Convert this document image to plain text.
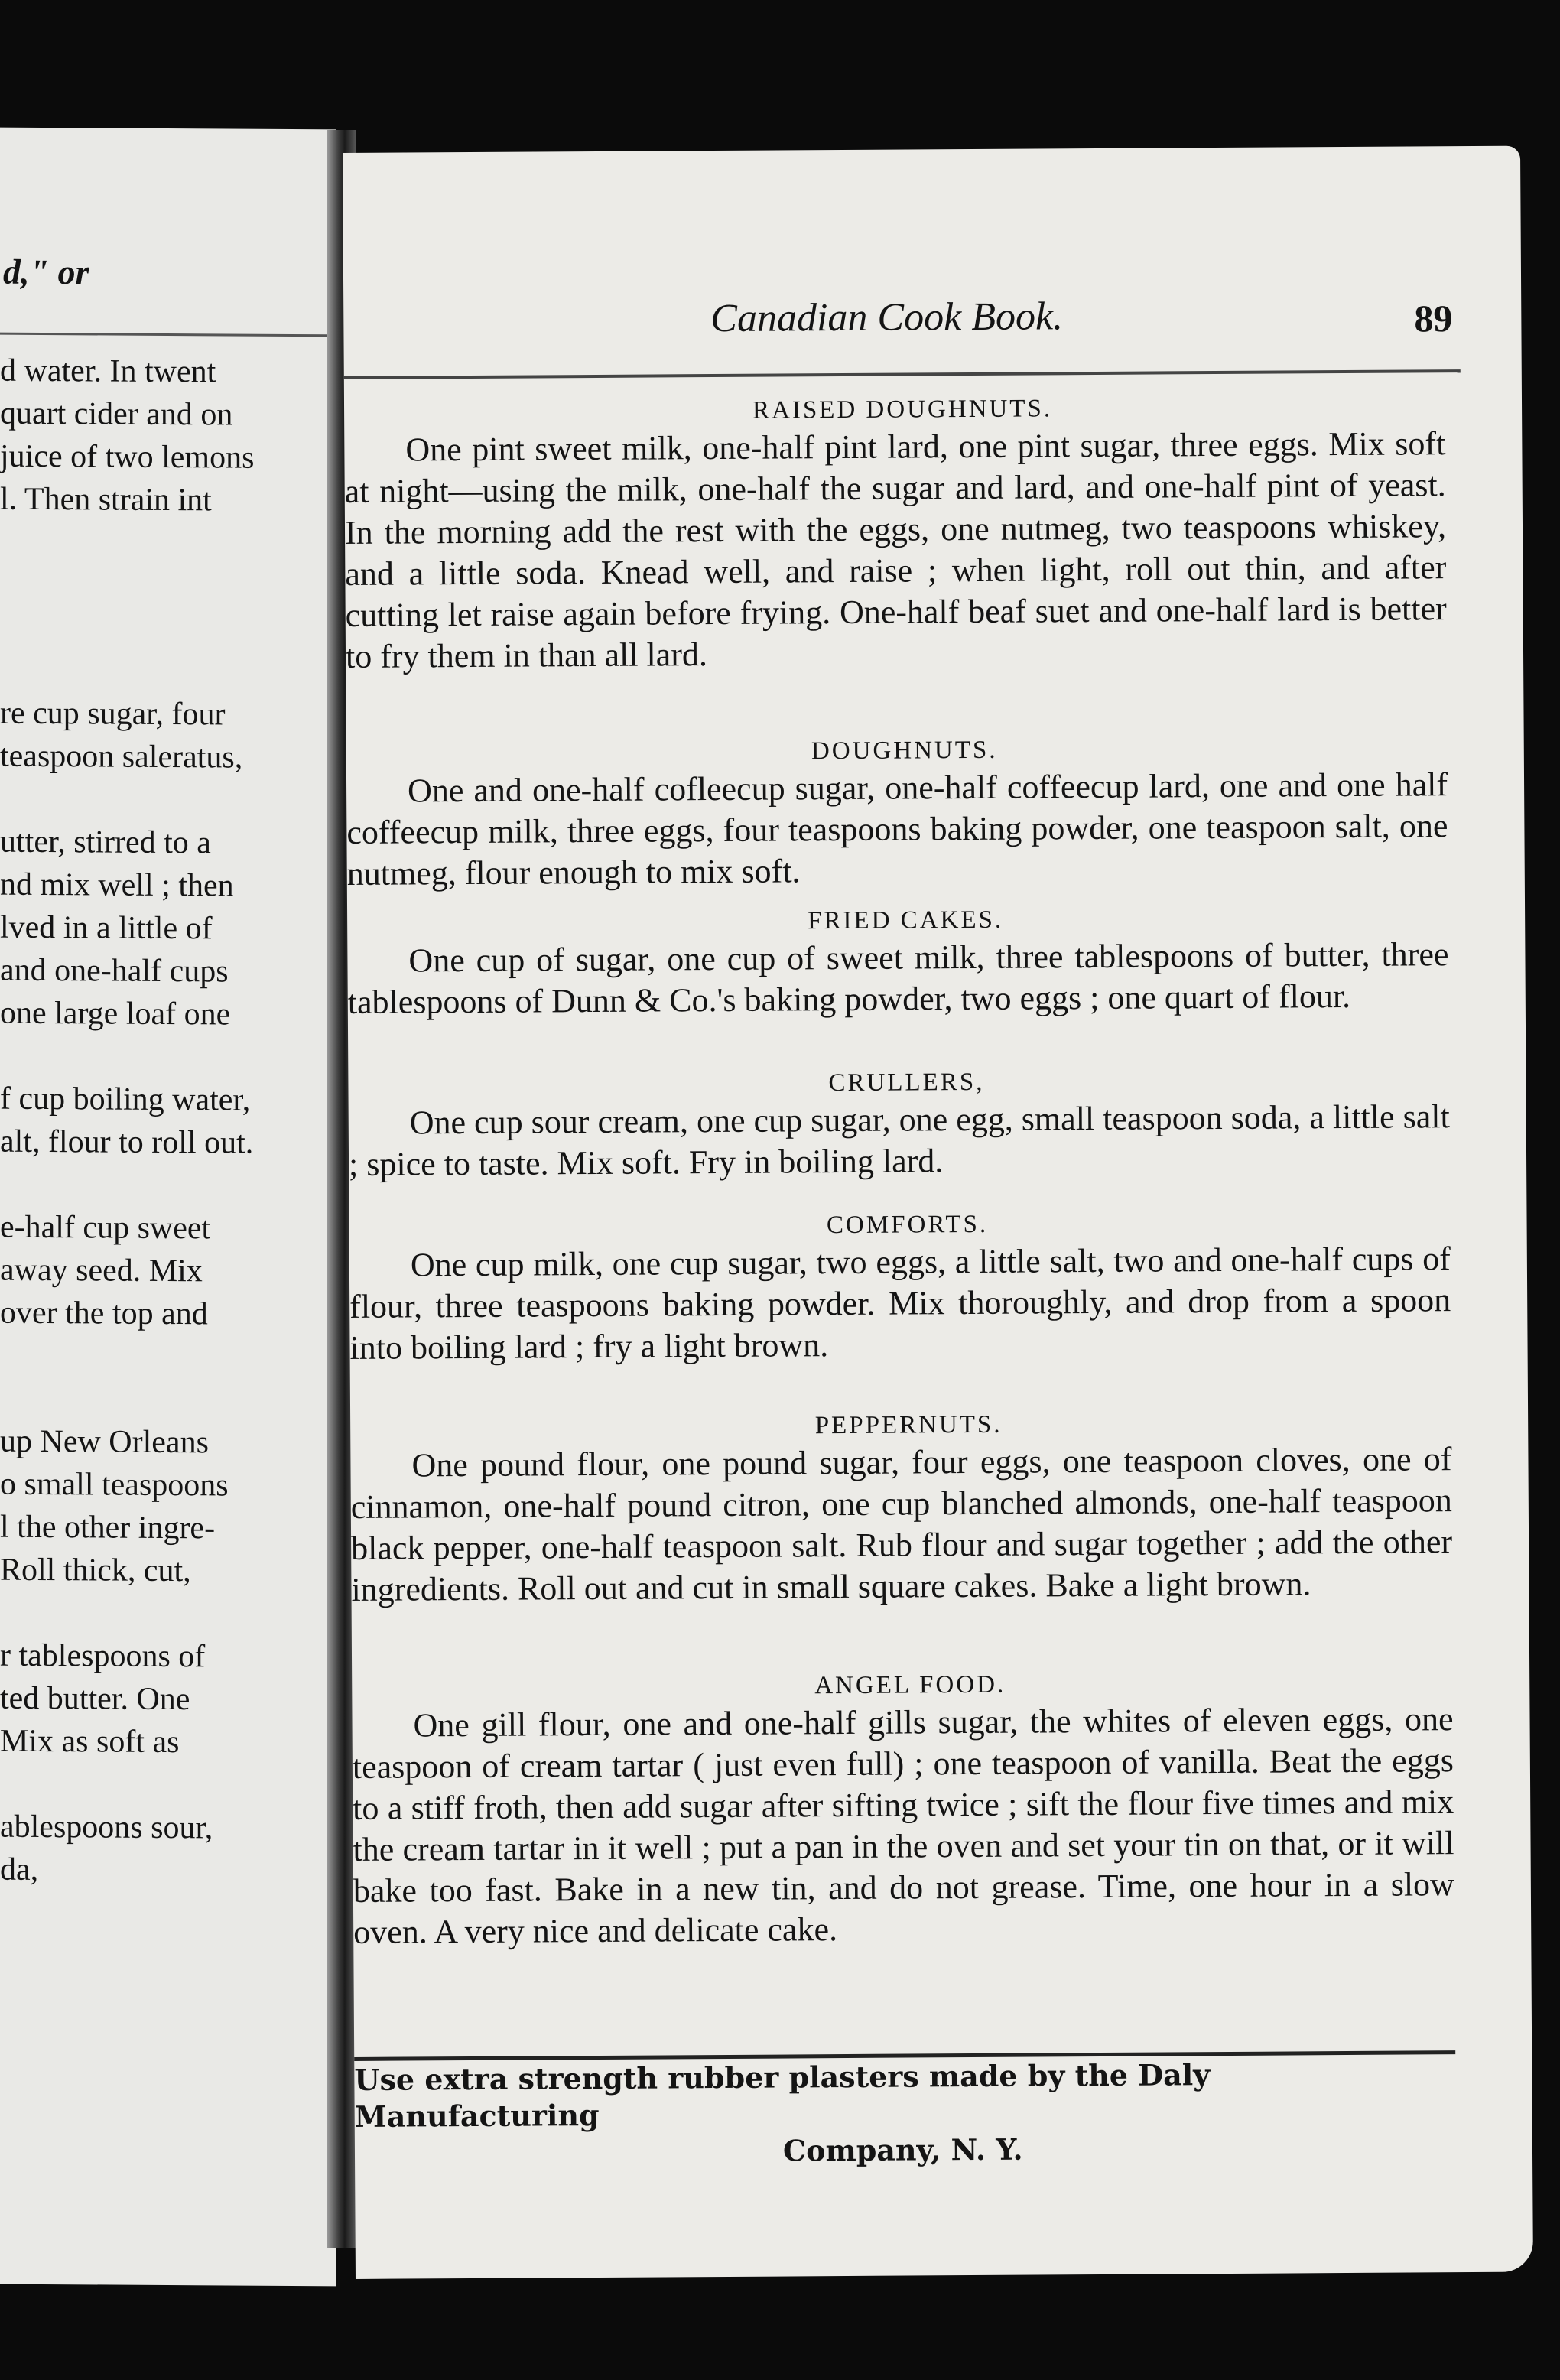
d," or
d water. In twent
quart cider and on
juice of two lemons
l. Then strain int
re cup sugar, four
teaspoon saleratus,
utter, stirred to a
nd mix well ; then
lved in a little of
and one-half cups
one large loaf one
f cup boiling water,
alt, flour to roll out.
e-half cup sweet
away seed. Mix
over the top and
up New Orleans
o small teaspoons
l the other ingre-
Roll thick, cut,
r tablespoons of
ted butter. One
Mix as soft as
ablespoons sour,
da,
Canadian Cook Book.	89
RAISED DOUGHNUTS.
One pint sweet milk, one-half pint lard, one pint sugar, three eggs. Mix soft at night—using the milk, one-half the sugar and lard, and one-half pint of yeast. In the morning add the rest with the eggs, one nutmeg, two teaspoons whiskey, and a little soda. Knead well, and raise ; when light, roll out thin, and after cutting let raise again before frying. One-half beaf suet and one-half lard is better to fry them in than all lard.
DOUGHNUTS.
One and one-half cofleecup sugar, one-half coffeecup lard, one and one half coffeecup milk, three eggs, four teaspoons baking powder, one teaspoon salt, one nutmeg, flour enough to mix soft.
FRIED CAKES.
One cup of sugar, one cup of sweet milk, three tablespoons of butter, three tablespoons of Dunn & Co.'s baking powder, two eggs ; one quart of flour.
CRULLERS,
One cup sour cream, one cup sugar, one egg, small teaspoon soda, a little salt ; spice to taste. Mix soft. Fry in boiling lard.
COMFORTS.
One cup milk, one cup sugar, two eggs, a little salt, two and one-half cups of flour, three teaspoons baking powder. Mix thoroughly, and drop from a spoon into boiling lard ; fry a light brown.
PEPPERNUTS.
One pound flour, one pound sugar, four eggs, one teaspoon cloves, one of cinnamon, one-half pound citron, one cup blanched almonds, one-half teaspoon black pepper, one-half teaspoon salt. Rub flour and sugar together ; add the other ingredients. Roll out and cut in small square cakes. Bake a light brown.
ANGEL FOOD.
One gill flour, one and one-half gills sugar, the whites of eleven eggs, one teaspoon of cream tartar ( just even full) ; one teaspoon of vanilla. Beat the eggs to a stiff froth, then add sugar after sifting twice ; sift the flour five times and mix the cream tartar in it well ; put a pan in the oven and set your tin on that, or it will bake too fast. Bake in a new tin, and do not grease. Time, one hour in a slow oven. A very nice and delicate cake.
Use extra strength rubber plasters made by the Daly Manufacturing
Company, N. Y.
